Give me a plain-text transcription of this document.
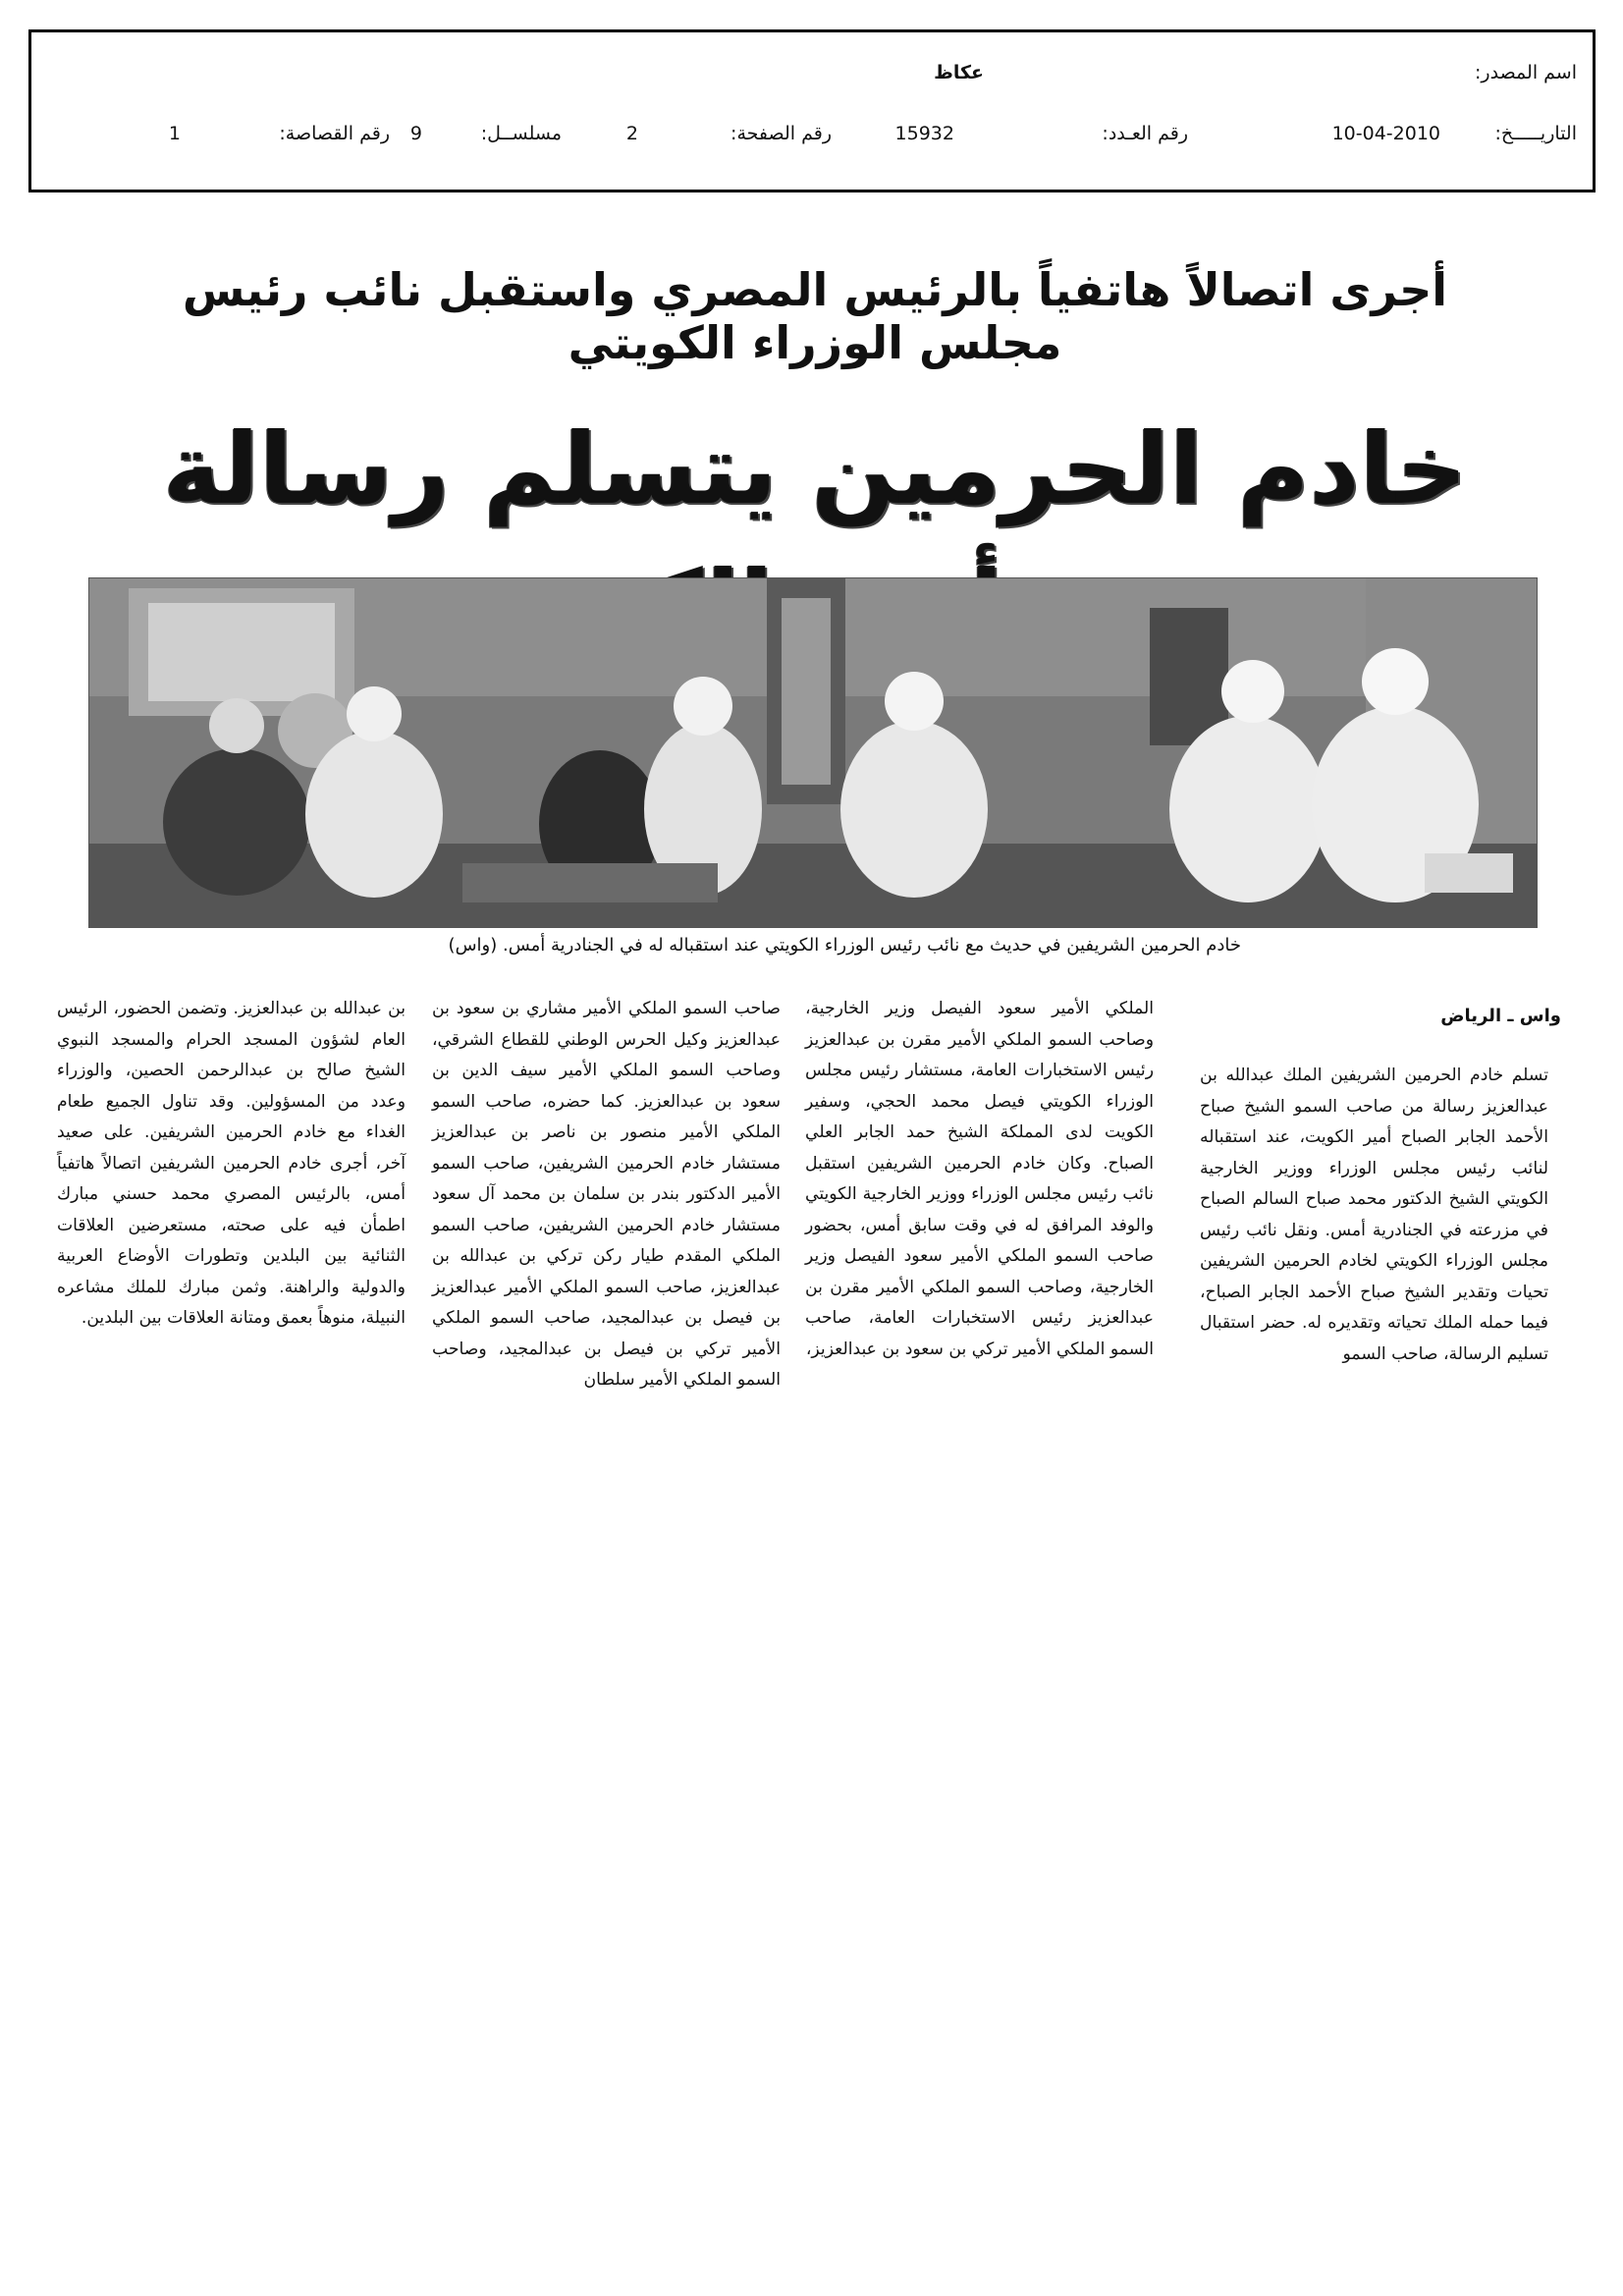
اسم المصدر:
عكاظ
التاريـــــخ:
10-04-2010
رقم العـدد:
15932
رقم الصفحة:
2
مسلســل:
9
رقم القصاصة:
1
أجرى اتصالاً هاتفياً بالرئيس المصري واستقبل نائب رئيس مجلس الوزراء الكويتي
خادم الحرمين يتسلم رسالة
خادم الحرمين الشريفين في حديث مع نائب رئيس الوزراء الكويتي عند استقباله له في الجنادرية أمس. (واس)
واس ـ الرياض

تسلم خادم الحرمين الشريفين الملك عبدالله بن عبدالعزيز رسالة من صاحب السمو الشيخ صباح الأحمد الجابر الصباح أمير الكويت، عند استقباله لنائب رئيس مجلس الوزراء ووزير الخارجية الكويتي الشيخ الدكتور محمد صباح السالم الصباح في مزرعته في الجنادرية أمس. ونقل نائب رئيس مجلس الوزراء الكويتي لخادم الحرمين الشريفين تحيات وتقدير الشيخ صباح الأحمد الجابر الصباح، فيما حمله الملك تحياته وتقديره له. حضر استقبال تسليم الرسالة، صاحب السمو

الملكي الأمير سعود الفيصل وزير الخارجية، وصاحب السمو الملكي الأمير مقرن بن عبدالعزيز رئيس الاستخبارات العامة، مستشار رئيس مجلس الوزراء الكويتي فيصل محمد الحجي، وسفير الكويت لدى المملكة الشيخ حمد الجابر العلي الصباح. وكان خادم الحرمين الشريفين استقبل نائب رئيس مجلس الوزراء ووزير الخارجية الكويتي والوفد المرافق له في وقت سابق أمس، بحضور صاحب السمو الملكي الأمير سعود الفيصل وزير الخارجية، وصاحب السمو الملكي الأمير مقرن بن عبدالعزيز رئيس الاستخبارات العامة، صاحب السمو الملكي الأمير تركي بن سعود بن عبدالعزيز،

صاحب السمو الملكي الأمير مشاري بن سعود بن عبدالعزيز وكيل الحرس الوطني للقطاع الشرقي، وصاحب السمو الملكي الأمير سيف الدين بن سعود بن عبدالعزيز. كما حضره، صاحب السمو الملكي الأمير منصور بن ناصر بن عبدالعزيز مستشار خادم الحرمين الشريفين، صاحب السمو الأمير الدكتور بندر بن سلمان بن محمد آل سعود مستشار خادم الحرمين الشريفين، صاحب السمو الملكي المقدم طيار ركن تركي بن عبدالله بن عبدالعزيز، صاحب السمو الملكي الأمير عبدالعزيز بن فيصل بن عبدالمجيد، صاحب السمو الملكي الأمير تركي بن فيصل بن عبدالمجيد، وصاحب السمو الملكي الأمير سلطان

بن عبدالله بن عبدالعزيز. وتضمن الحضور، الرئيس العام لشؤون المسجد الحرام والمسجد النبوي الشيخ صالح بن عبدالرحمن الحصين، والوزراء وعدد من المسؤولين. وقد تناول الجميع طعام الغداء مع خادم الحرمين الشريفين. على صعيد آخر، أجرى خادم الحرمين الشريفين اتصالاً هاتفياً أمس، بالرئيس المصري محمد حسني مبارك اطمأن فيه على صحته، مستعرضين العلاقات الثنائية بين البلدين وتطورات الأوضاع العربية والدولية والراهنة. وثمن مبارك للملك مشاعره النبيلة، منوهاً بعمق ومتانة العلاقات بين البلدين.
